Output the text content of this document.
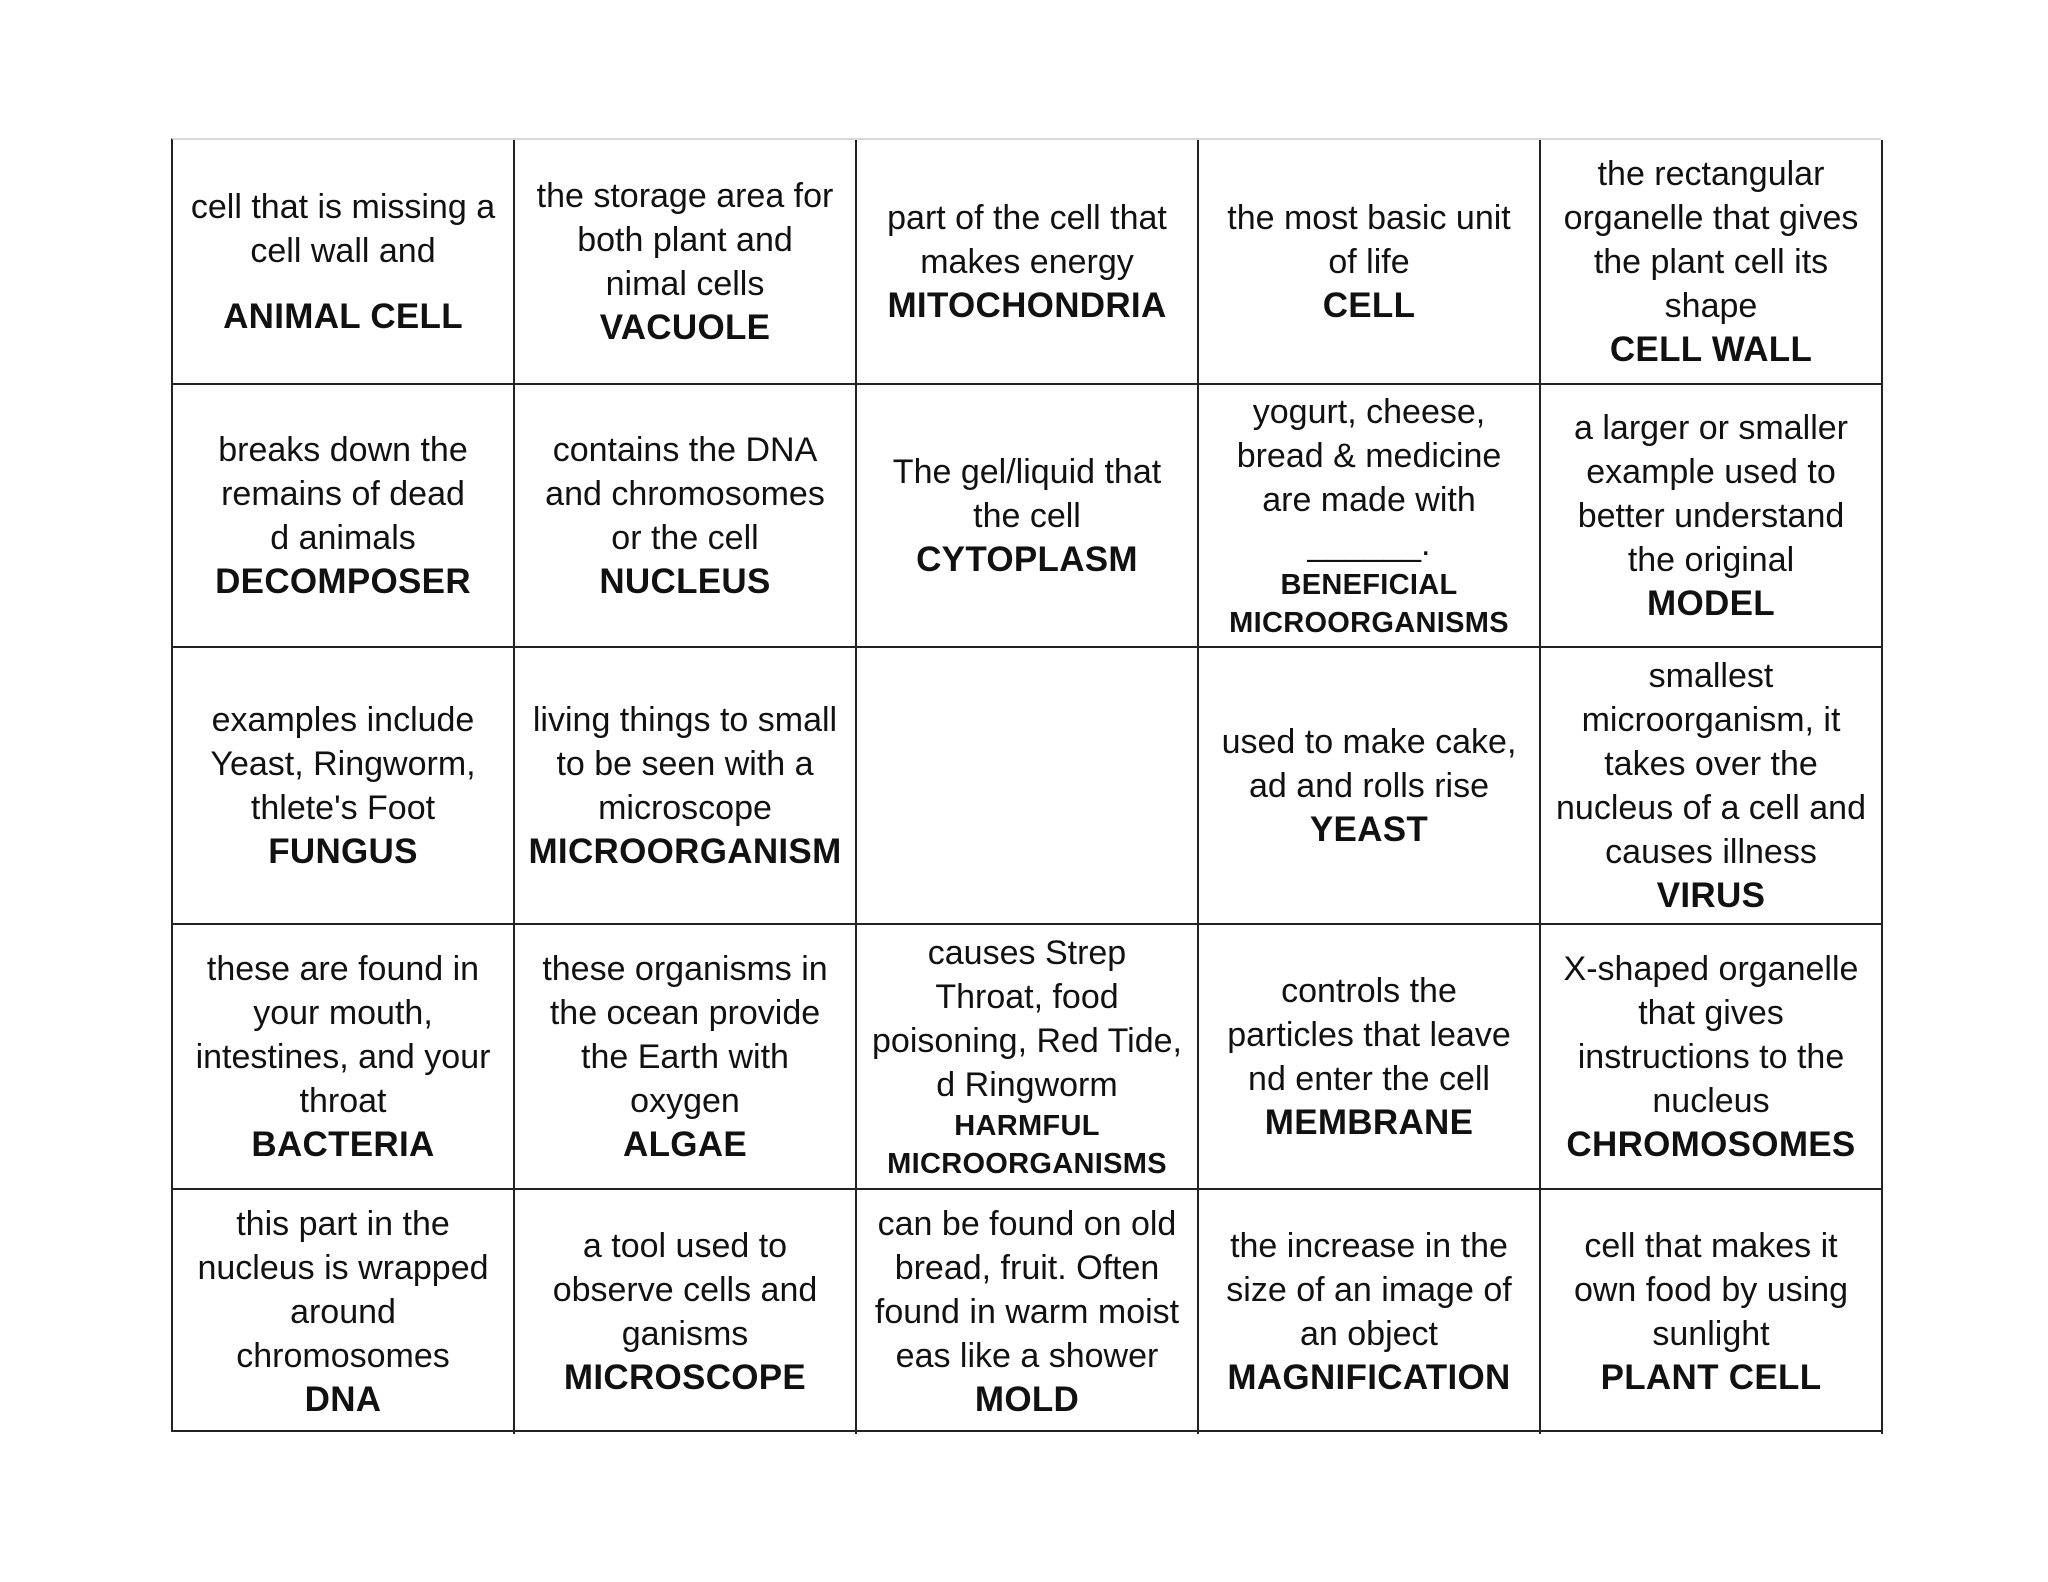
cell that is missing a
cell wall and
ANIMAL CELL
the storage area for
both plant and
nimal cells
VACUOLE
part of the cell that
makes energy
MITOCHONDRIA
the most basic unit
of life
CELL
the rectangular
organelle that gives
the plant cell its
shape
CELL WALL
breaks down the
remains of dead
d animals
DECOMPOSER
contains the DNA
and chromosomes
or the cell
NUCLEUS
The gel/liquid that
the cell
CYTOPLASM
yogurt, cheese,
bread & medicine
are made with
______.
BENEFICIAL
MICROORGANISMS
a larger or smaller
example used to
better understand
the original
MODEL
examples include
Yeast, Ringworm,
thlete's Foot
FUNGUS
living things to small
to be seen with a
microscope
MICROORGANISM
used to make cake,
ad and rolls rise
YEAST
smallest
microorganism, it
takes over the
nucleus of a cell and
causes illness
VIRUS
these are found in
your mouth,
intestines, and your
throat
BACTERIA
these organisms in
the ocean provide
the Earth with
oxygen
ALGAE
causes Strep
Throat, food
poisoning, Red Tide,
d Ringworm
HARMFUL
MICROORGANISMS
controls the
particles that leave
nd enter the cell
MEMBRANE
X-shaped organelle
that gives
instructions to the
nucleus
CHROMOSOMES
this part in the
nucleus is wrapped
around
chromosomes
DNA
a tool used to
observe cells and
ganisms
MICROSCOPE
can be found on old
bread, fruit. Often
found in warm moist
eas like a shower
MOLD
the increase in the
size of an image of
an object
MAGNIFICATION
cell that makes it
own food by using
sunlight
PLANT CELL
